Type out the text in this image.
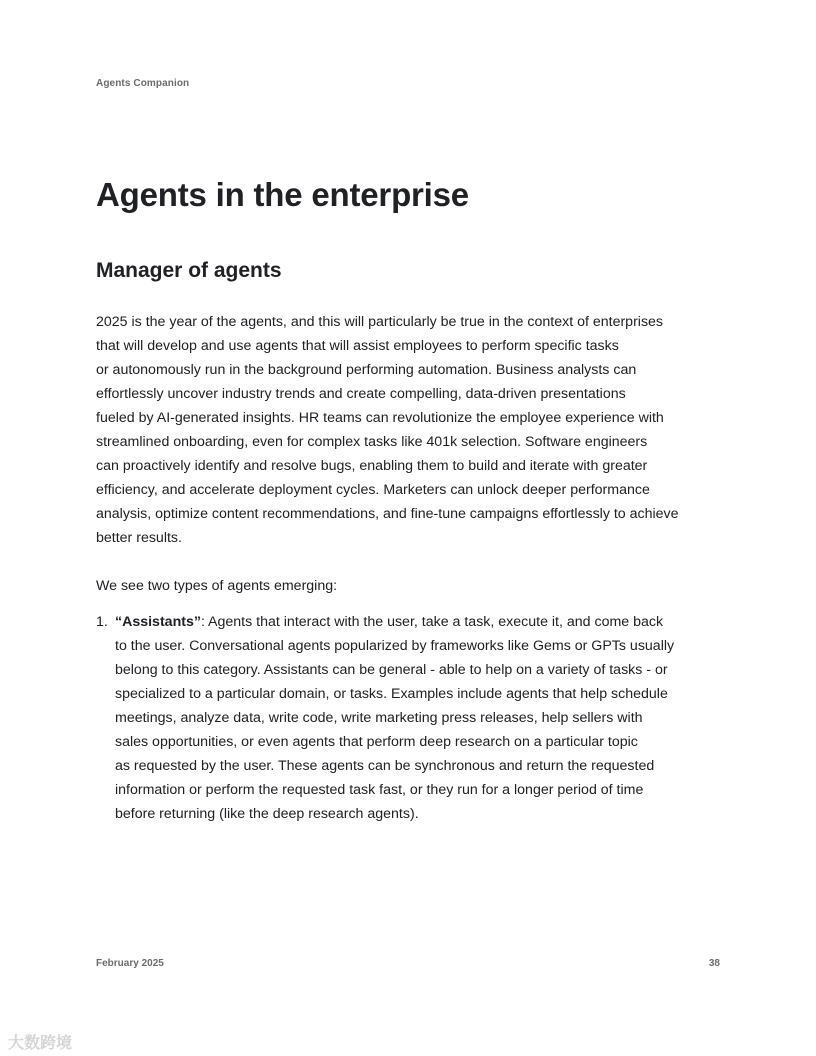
Agents Companion
Agents in the enterprise
Manager of agents
2025 is the year of the agents, and this will particularly be true in the context of enterprises
that will develop and use agents that will assist employees to perform specific tasks
or autonomously run in the background performing automation. Business analysts can
effortlessly uncover industry trends and create compelling, data-driven presentations
fueled by AI-generated insights. HR teams can revolutionize the employee experience with
streamlined onboarding, even for complex tasks like 401k selection. Software engineers
can proactively identify and resolve bugs, enabling them to build and iterate with greater
efficiency, and accelerate deployment cycles. Marketers can unlock deeper performance
analysis, optimize content recommendations, and fine-tune campaigns effortlessly to achieve
better results.
We see two types of agents emerging:
1. “Assistants”: Agents that interact with the user, take a task, execute it, and come back
to the user. Conversational agents popularized by frameworks like Gems or GPTs usually
belong to this category. Assistants can be general - able to help on a variety of tasks - or
specialized to a particular domain, or tasks. Examples include agents that help schedule
meetings, analyze data, write code, write marketing press releases, help sellers with
sales opportunities, or even agents that perform deep research on a particular topic
as requested by the user. These agents can be synchronous and return the requested
information or perform the requested task fast, or they run for a longer period of time
before returning (like the deep research agents).
February 2025	38
大数跨境
